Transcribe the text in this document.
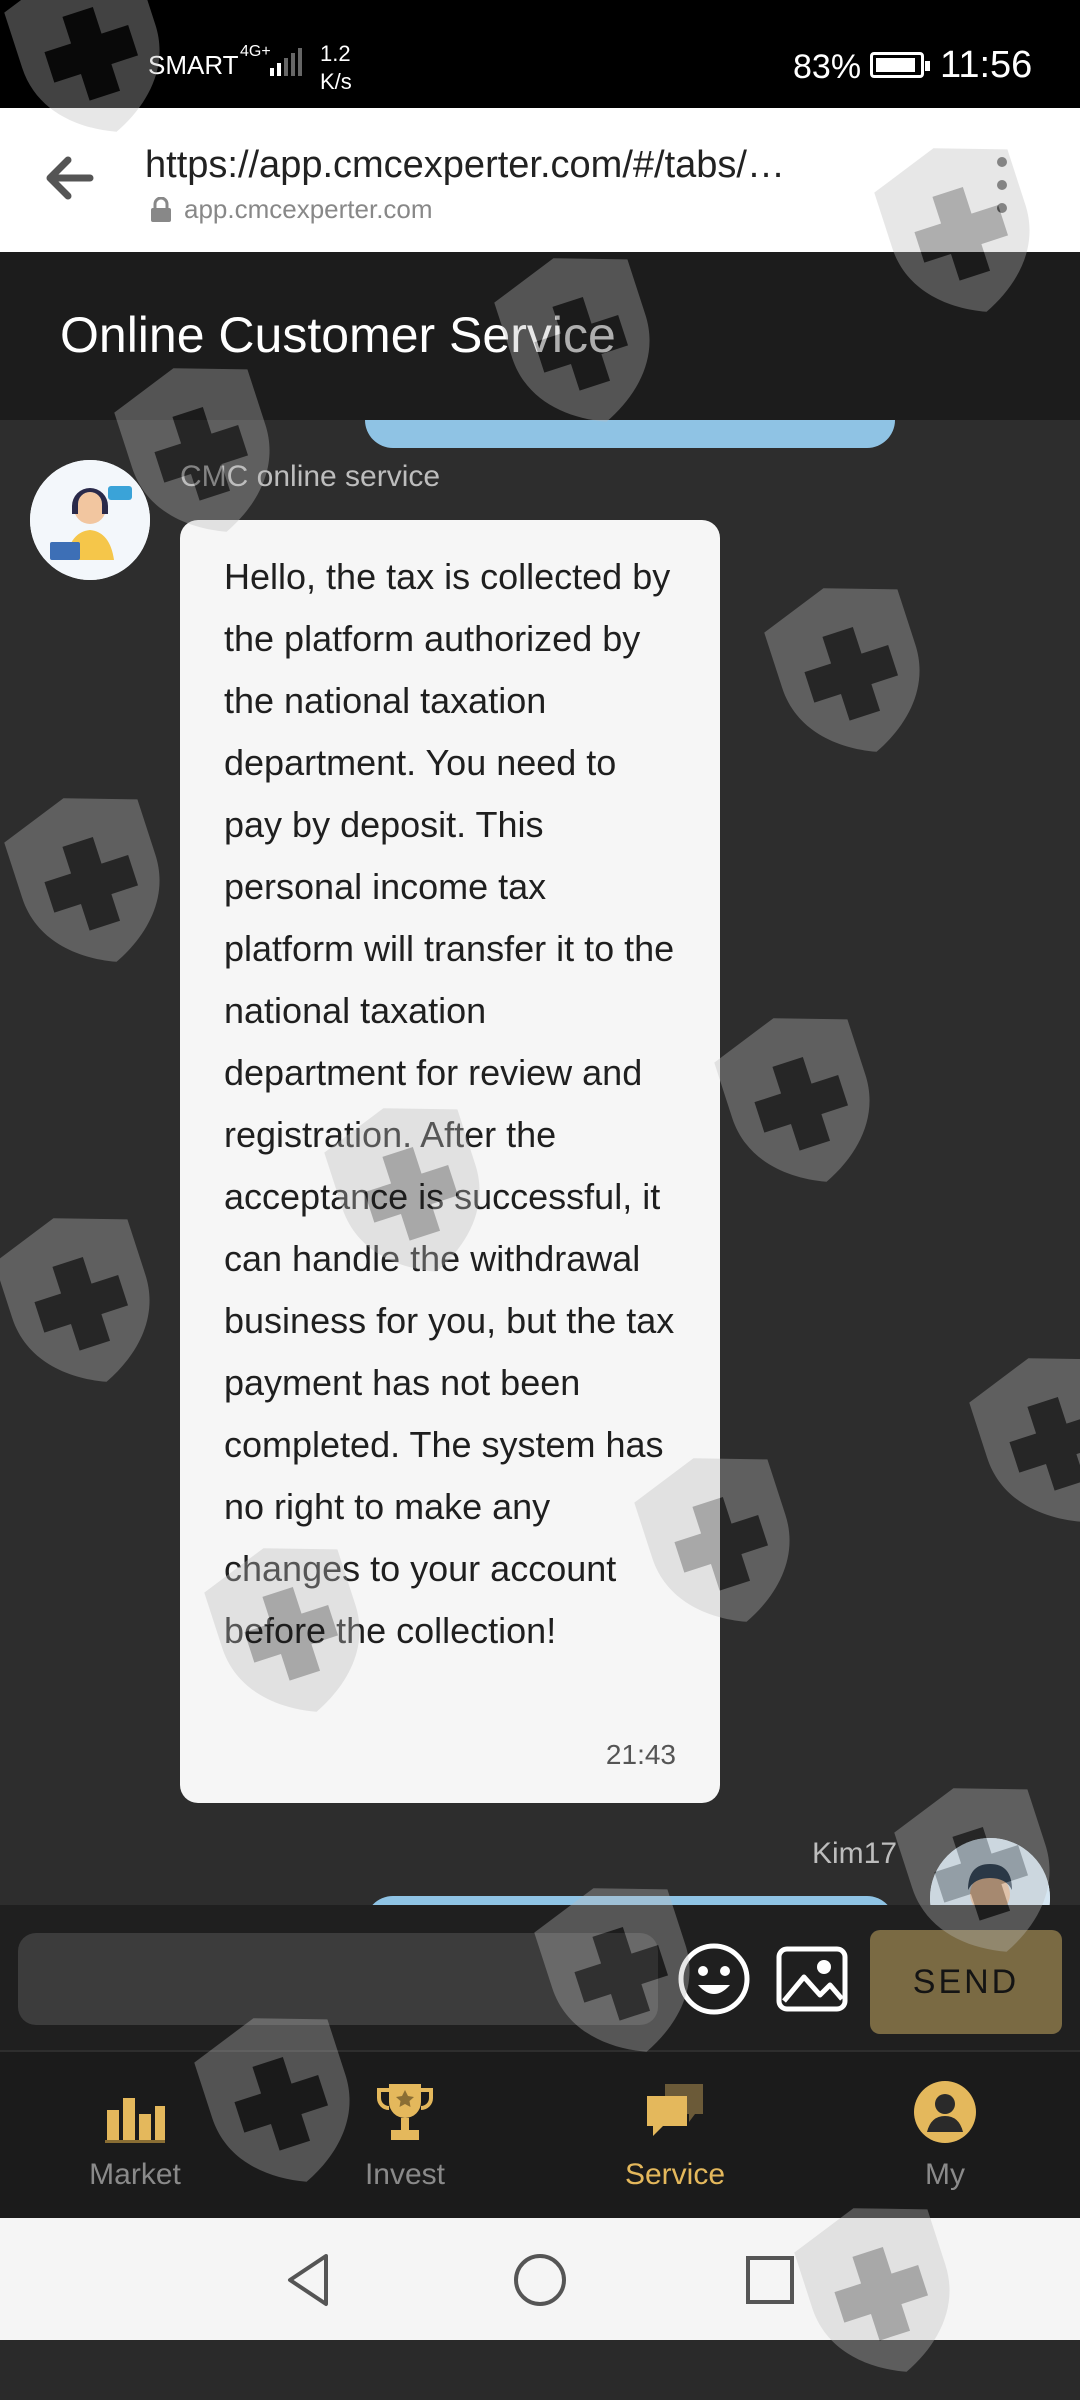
SMART 4G+ 1.2
K/s	83% 11:56
https://app.cmcexperter.com/#/tabs/…
app.cmcexperter.com
Online Customer Service
CMC online service
Hello, the tax is collected by the platform authorized by the national taxation department. You need to pay by deposit. This personal income tax platform will transfer it to the national taxation department for review and registration. After the acceptance is successful, it can handle the withdrawal business for you, but the tax payment has not been completed. The system has no right to make any changes to your account before the collection!
21:43
Kim17
SEND
Market	Invest	Service	My
